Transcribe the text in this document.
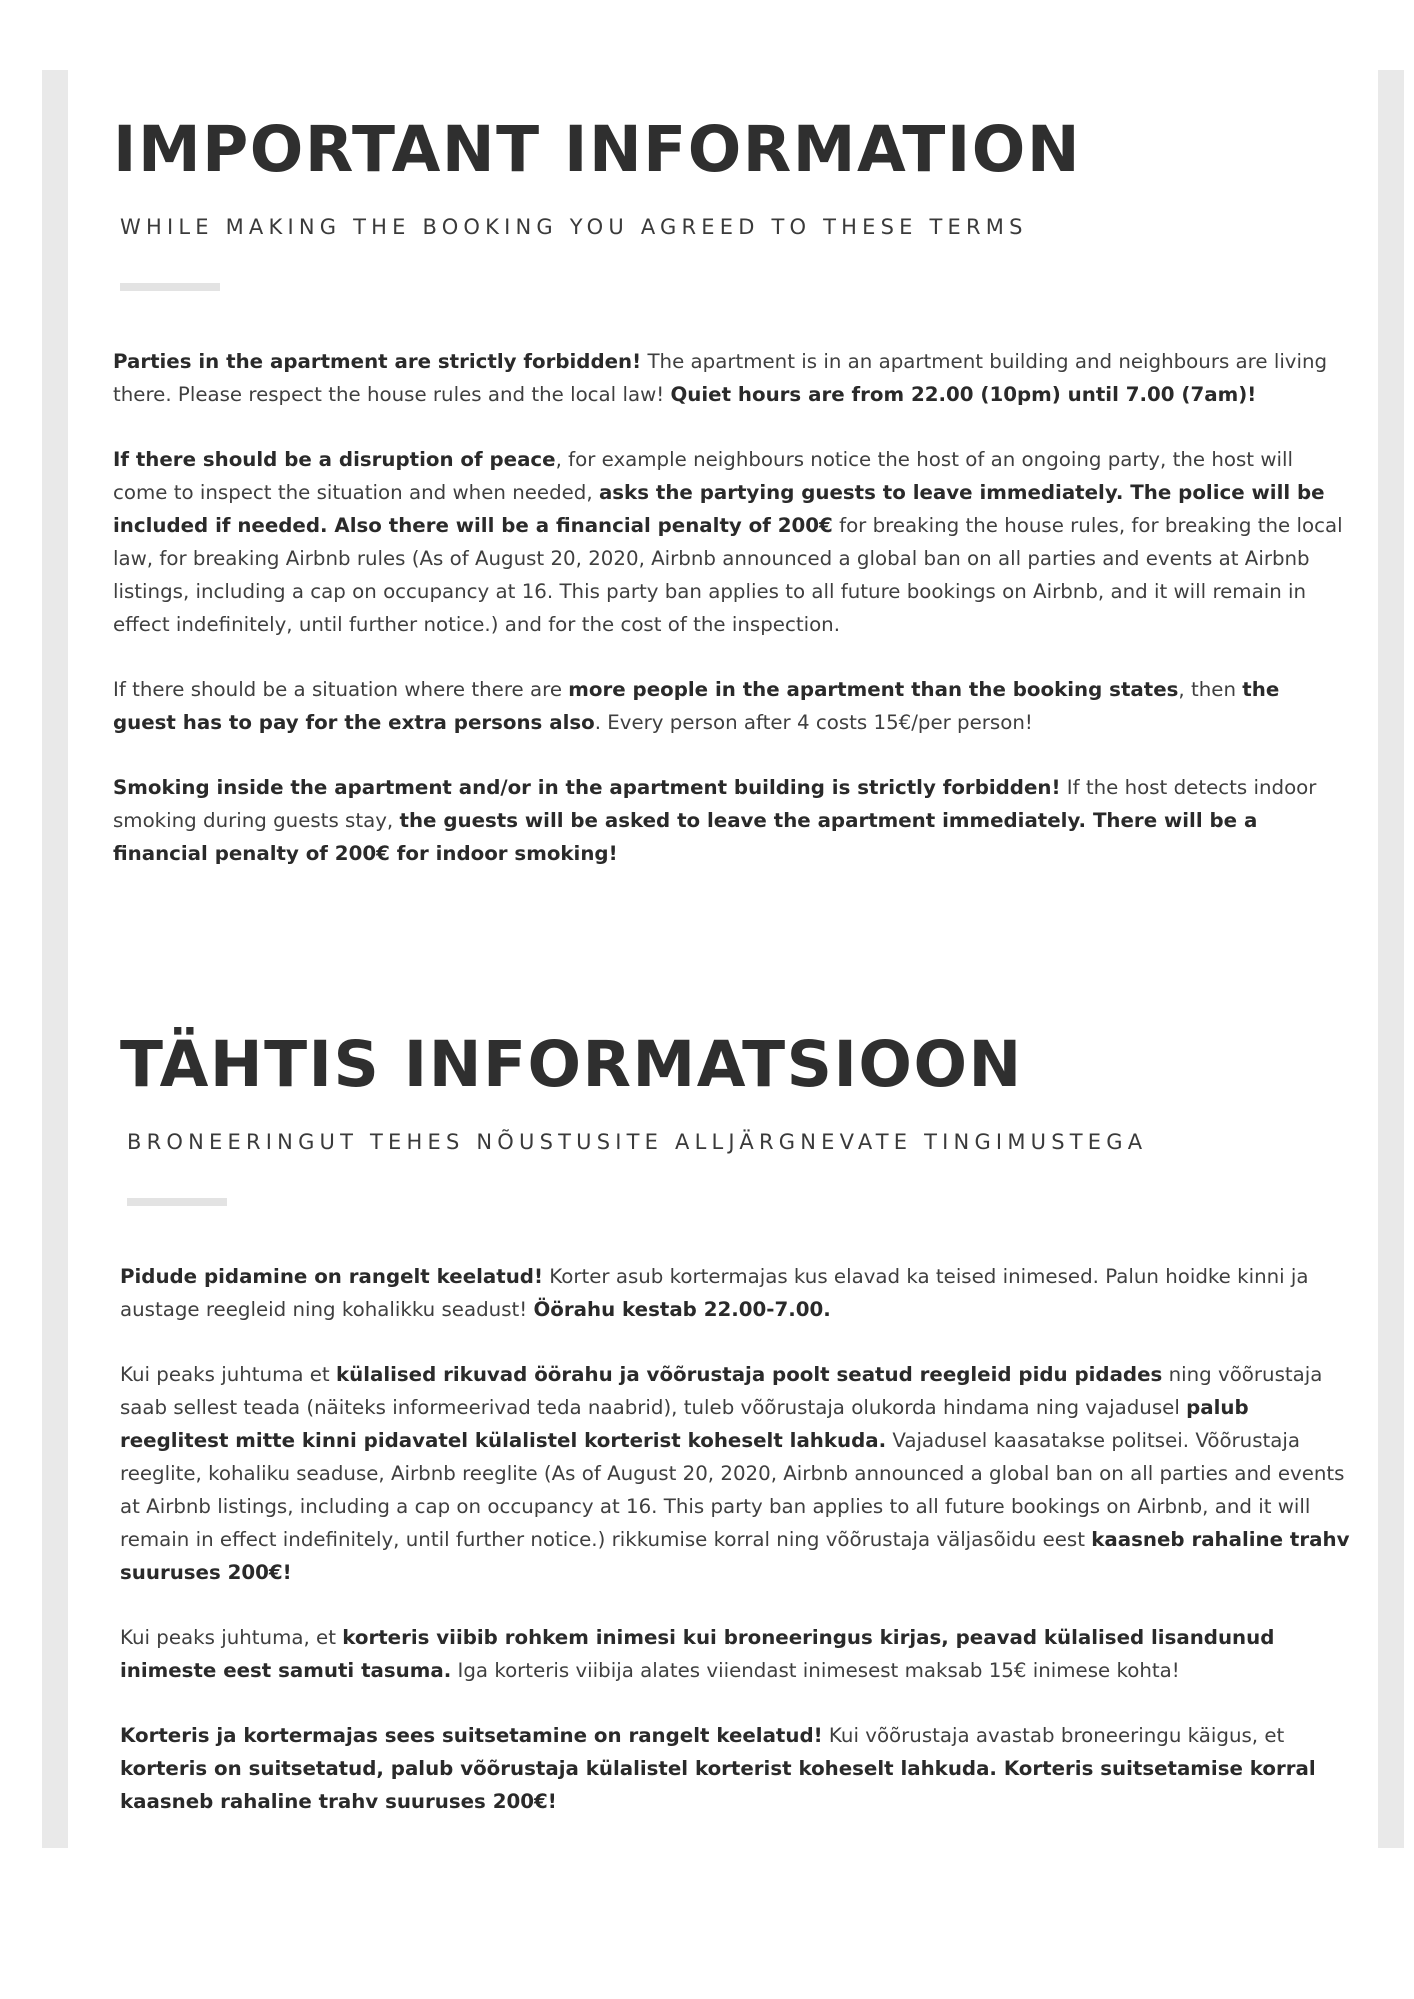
IMPORTANT INFORMATION
WHILE MAKING THE BOOKING YOU AGREED TO THESE TERMS

Parties in the apartment are strictly forbidden! The apartment is in an apartment building and neighbours are living there. Please respect the house rules and the local law! Quiet hours are from 22.00 (10pm) until 7.00 (7am)!

If there should be a disruption of peace, for example neighbours notice the host of an ongoing party, the host will come to inspect the situation and when needed, asks the partying guests to leave immediately. The police will be included if needed. Also there will be a financial penalty of 200€ for breaking the house rules, for breaking the local law, for breaking Airbnb rules (As of August 20, 2020, Airbnb announced a global ban on all parties and events at Airbnb listings, including a cap on occupancy at 16. This party ban applies to all future bookings on Airbnb, and it will remain in effect indefinitely, until further notice.) and for the cost of the inspection.

If there should be a situation where there are more people in the apartment than the booking states, then the guest has to pay for the extra persons also. Every person after 4 costs 15€/per person!

Smoking inside the apartment and/or in the apartment building is strictly forbidden! If the host detects indoor smoking during guests stay, the guests will be asked to leave the apartment immediately. There will be a financial penalty of 200€ for indoor smoking!

TÄHTIS INFORMATSIOON
BRONEERINGUT TEHES NÕUSTUSITE ALLJÄRGNEVATE TINGIMUSTEGA

Pidude pidamine on rangelt keelatud! Korter asub kortermajas kus elavad ka teised inimesed. Palun hoidke kinni ja austage reegleid ning kohalikku seadust! Öörahu kestab 22.00-7.00.

Kui peaks juhtuma et külalised rikuvad öörahu ja võõrustaja poolt seatud reegleid pidu pidades ning võõrustaja saab sellest teada (näiteks informeerivad teda naabrid), tuleb võõrustaja olukorda hindama ning vajadusel palub reeglitest mitte kinni pidavatel külalistel korterist koheselt lahkuda. Vajadusel kaasatakse politsei. Võõrustaja reeglite, kohaliku seaduse, Airbnb reeglite (As of August 20, 2020, Airbnb announced a global ban on all parties and events at Airbnb listings, including a cap on occupancy at 16. This party ban applies to all future bookings on Airbnb, and it will remain in effect indefinitely, until further notice.) rikkumise korral ning võõrustaja väljasõidu eest kaasneb rahaline trahv suuruses 200€!

Kui peaks juhtuma, et korteris viibib rohkem inimesi kui broneeringus kirjas, peavad külalised lisandunud inimeste eest samuti tasuma. Iga korteris viibija alates viiendast inimesest maksab 15€ inimese kohta!

Korteris ja kortermajas sees suitsetamine on rangelt keelatud! Kui võõrustaja avastab broneeringu käigus, et korteris on suitsetatud, palub võõrustaja külalistel korterist koheselt lahkuda. Korteris suitsetamise korral kaasneb rahaline trahv suuruses 200€!
